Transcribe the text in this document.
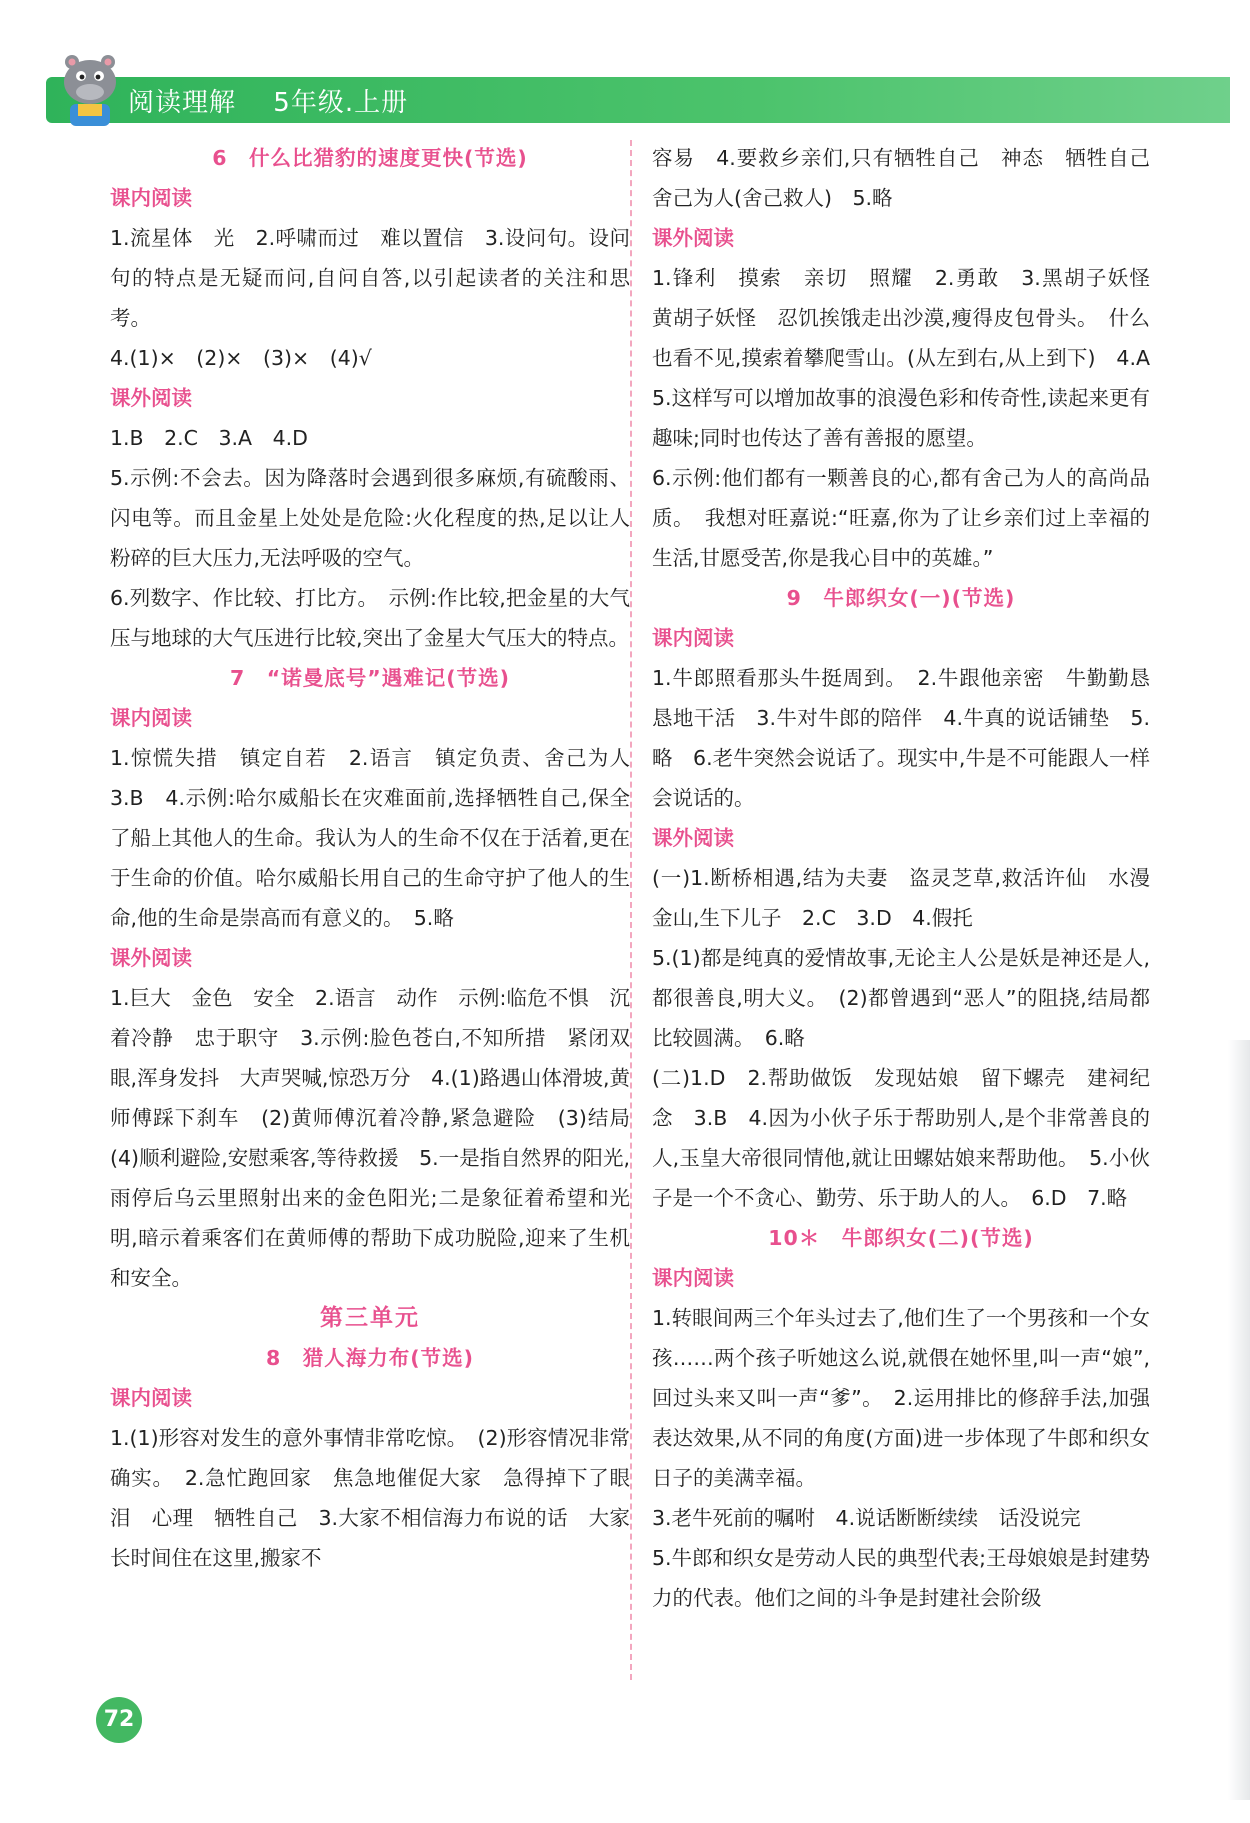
阅读理解 5年级.上册
6　什么比猎豹的速度更快(节选)
课内阅读
1.流星体　光　2.呼啸而过　难以置信　3.设问句。设问句的特点是无疑而问,自问自答,以引起读者的关注和思考。
4.(1)×　(2)×　(3)×　(4)√
课外阅读
1.B　2.C　3.A　4.D
5.示例:不会去。因为降落时会遇到很多麻烦,有硫酸雨、闪电等。而且金星上处处是危险:火化程度的热,足以让人粉碎的巨大压力,无法呼吸的空气。
6.列数字、作比较、打比方。　示例:作比较,把金星的大气压与地球的大气压进行比较,突出了金星大气压大的特点。
7　“诺曼底号”遇难记(节选)
课内阅读
1.惊慌失措　镇定自若　2.语言　镇定负责、舍己为人　3.B　4.示例:哈尔威船长在灾难面前,选择牺牲自己,保全了船上其他人的生命。我认为人的生命不仅在于活着,更在于生命的价值。哈尔威船长用自己的生命守护了他人的生命,他的生命是崇高而有意义的。　5.略
课外阅读
1.巨大　金色　安全　2.语言　动作　示例:临危不惧　沉着冷静　忠于职守　3.示例:脸色苍白,不知所措　紧闭双眼,浑身发抖　大声哭喊,惊恐万分　4.(1)路遇山体滑坡,黄师傅踩下刹车　(2)黄师傅沉着冷静,紧急避险　(3)结局　(4)顺利避险,安慰乘客,等待救援　5.一是指自然界的阳光,雨停后乌云里照射出来的金色阳光;二是象征着希望和光明,暗示着乘客们在黄师傅的帮助下成功脱险,迎来了生机和安全。
第三单元
8　猎人海力布(节选)
课内阅读
1.(1)形容对发生的意外事情非常吃惊。　(2)形容情况非常确实。　2.急忙跑回家　焦急地催促大家　急得掉下了眼泪　心理　牺牲自己　3.大家不相信海力布说的话　大家长时间住在这里,搬家不
容易　4.要救乡亲们,只有牺牲自己　神态　牺牲自己　舍己为人(舍己救人)　5.略
课外阅读
1.锋利　摸索　亲切　照耀　2.勇敢　3.黑胡子妖怪　黄胡子妖怪　忍饥挨饿走出沙漠,瘦得皮包骨头。　什么也看不见,摸索着攀爬雪山。(从左到右,从上到下)　4.A　5.这样写可以增加故事的浪漫色彩和传奇性,读起来更有趣味;同时也传达了善有善报的愿望。
6.示例:他们都有一颗善良的心,都有舍己为人的高尚品质。　我想对旺嘉说:“旺嘉,你为了让乡亲们过上幸福的生活,甘愿受苦,你是我心目中的英雄。”
9　牛郎织女(一)(节选)
课内阅读
1.牛郎照看那头牛挺周到。　2.牛跟他亲密　牛勤勤恳恳地干活　3.牛对牛郎的陪伴　4.牛真的说话铺垫　5.略　6.老牛突然会说话了。现实中,牛是不可能跟人一样会说话的。
课外阅读
(一)1.断桥相遇,结为夫妻　盗灵芝草,救活许仙　水漫金山,生下儿子　2.C　3.D　4.假托
5.(1)都是纯真的爱情故事,无论主人公是妖是神还是人,都很善良,明大义。　(2)都曾遇到“恶人”的阻挠,结局都比较圆满。　6.略
(二)1.D　2.帮助做饭　发现姑娘　留下螺壳　建祠纪念　3.B　4.因为小伙子乐于帮助别人,是个非常善良的人,玉皇大帝很同情他,就让田螺姑娘来帮助他。　5.小伙子是一个不贪心、勤劳、乐于助人的人。　6.D　7.略
10＊　牛郎织女(二)(节选)
课内阅读
1.转眼间两三个年头过去了,他们生了一个男孩和一个女孩……两个孩子听她这么说,就偎在她怀里,叫一声“娘”,回过头来又叫一声“爹”。　2.运用排比的修辞手法,加强表达效果,从不同的角度(方面)进一步体现了牛郎和织女日子的美满幸福。
3.老牛死前的嘱咐　4.说话断断续续　话没说完
5.牛郎和织女是劳动人民的典型代表;王母娘娘是封建势力的代表。他们之间的斗争是封建社会阶级
72
